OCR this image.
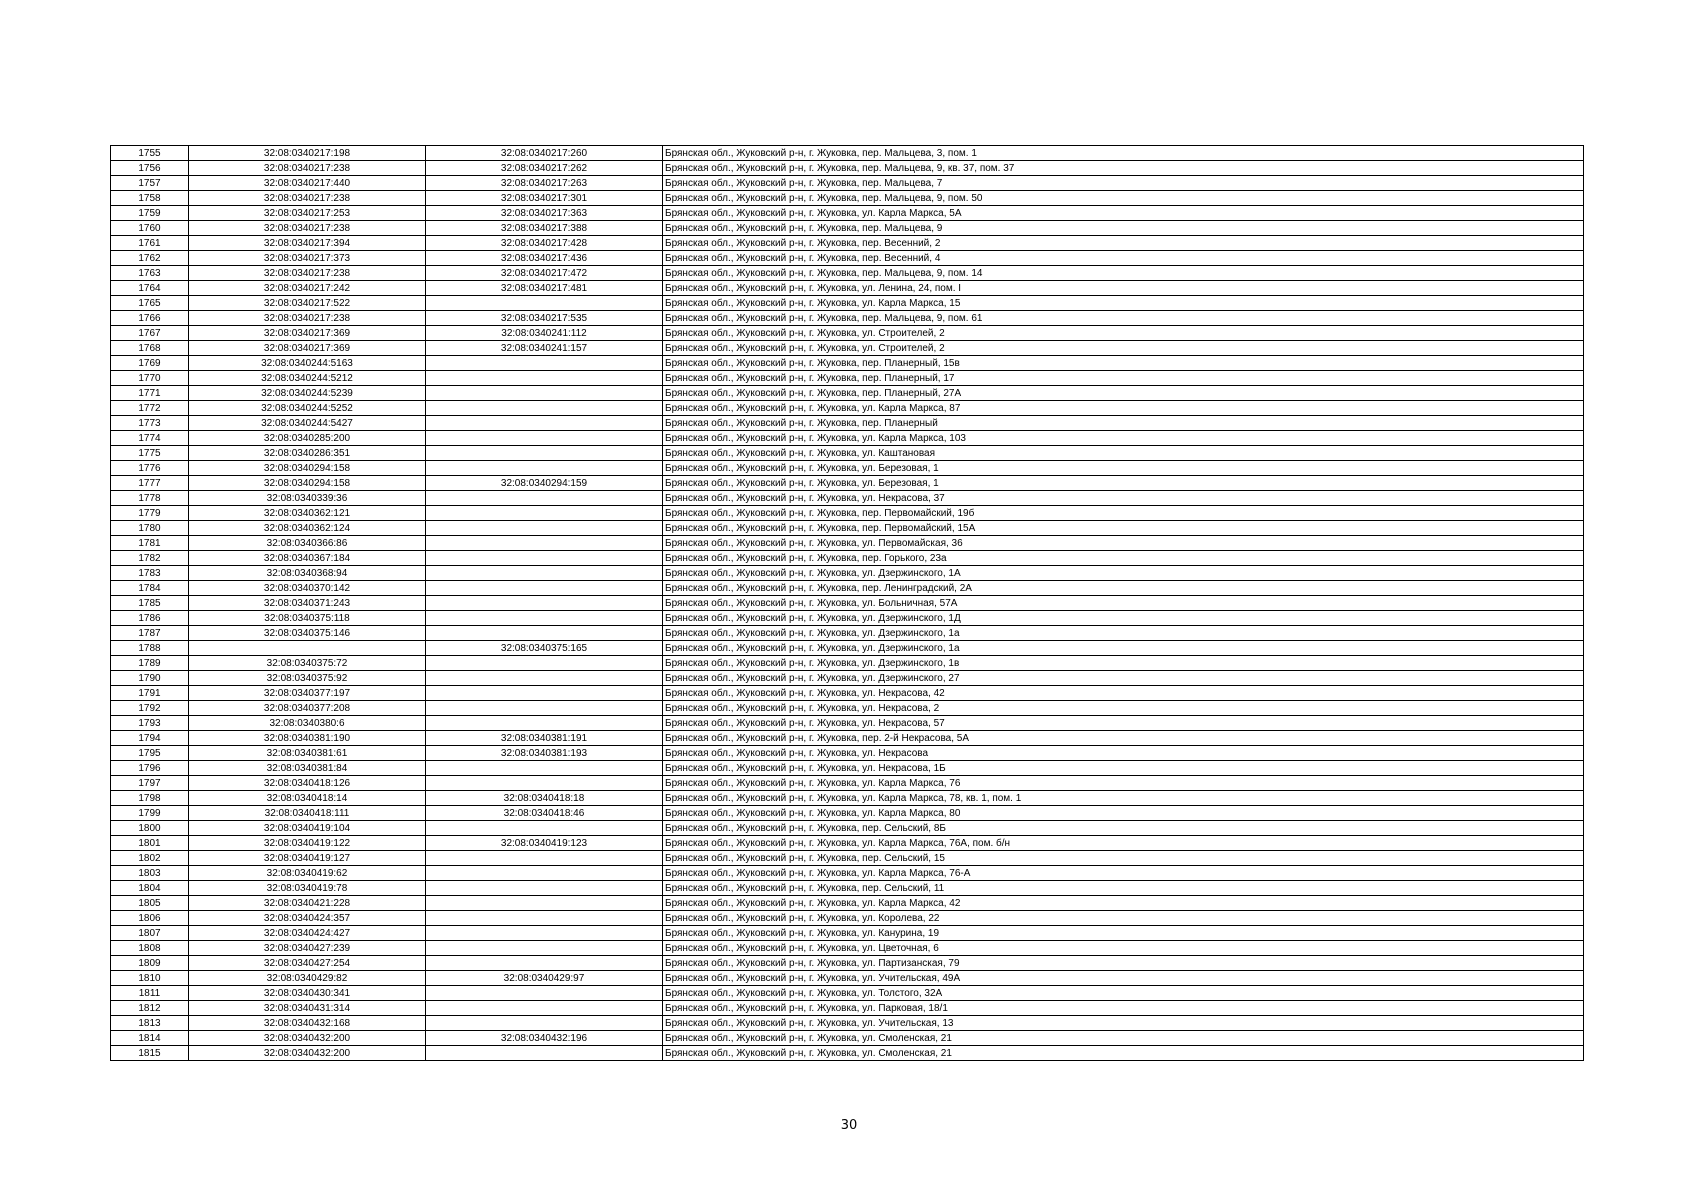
1755	32:08:0340217:198	32:08:0340217:260	Брянская обл., Жуковский р-н, г. Жуковка, пер. Мальцева, 3, пом. 1
1756	32:08:0340217:238	32:08:0340217:262	Брянская обл., Жуковский р-н, г. Жуковка, пер. Мальцева, 9, кв. 37, пом. 37
1757	32:08:0340217:440	32:08:0340217:263	Брянская обл., Жуковский р-н, г. Жуковка, пер. Мальцева, 7
1758	32:08:0340217:238	32:08:0340217:301	Брянская обл., Жуковский р-н, г. Жуковка, пер. Мальцева, 9, пом. 50
1759	32:08:0340217:253	32:08:0340217:363	Брянская обл., Жуковский р-н, г. Жуковка, ул. Карла Маркса, 5А
1760	32:08:0340217:238	32:08:0340217:388	Брянская обл., Жуковский р-н, г. Жуковка, пер. Мальцева, 9
1761	32:08:0340217:394	32:08:0340217:428	Брянская обл., Жуковский р-н, г. Жуковка, пер. Весенний, 2
1762	32:08:0340217:373	32:08:0340217:436	Брянская обл., Жуковский р-н, г. Жуковка, пер. Весенний, 4
1763	32:08:0340217:238	32:08:0340217:472	Брянская обл., Жуковский р-н, г. Жуковка, пер. Мальцева, 9, пом. 14
1764	32:08:0340217:242	32:08:0340217:481	Брянская обл., Жуковский р-н, г. Жуковка, ул. Ленина, 24, пом. I
1765	32:08:0340217:522		Брянская обл., Жуковский р-н, г. Жуковка, ул. Карла Маркса, 15
1766	32:08:0340217:238	32:08:0340217:535	Брянская обл., Жуковский р-н, г. Жуковка, пер. Мальцева, 9, пом. 61
1767	32:08:0340217:369	32:08:0340241:112	Брянская обл., Жуковский р-н, г. Жуковка, ул. Строителей, 2
1768	32:08:0340217:369	32:08:0340241:157	Брянская обл., Жуковский р-н, г. Жуковка, ул. Строителей, 2
1769	32:08:0340244:5163		Брянская обл., Жуковский р-н, г. Жуковка, пер. Планерный, 15в
1770	32:08:0340244:5212		Брянская обл., Жуковский р-н, г. Жуковка, пер. Планерный, 17
1771	32:08:0340244:5239		Брянская обл., Жуковский р-н, г. Жуковка, пер. Планерный, 27А
1772	32:08:0340244:5252		Брянская обл., Жуковский р-н, г. Жуковка, ул. Карла Маркса, 87
1773	32:08:0340244:5427		Брянская обл., Жуковский р-н, г. Жуковка, пер. Планерный
1774	32:08:0340285:200		Брянская обл., Жуковский р-н, г. Жуковка, ул. Карла Маркса, 103
1775	32:08:0340286:351		Брянская обл., Жуковский р-н, г. Жуковка, ул. Каштановая
1776	32:08:0340294:158		Брянская обл., Жуковский р-н, г. Жуковка, ул. Березовая, 1
1777	32:08:0340294:158	32:08:0340294:159	Брянская обл., Жуковский р-н, г. Жуковка, ул. Березовая, 1
1778	32:08:0340339:36		Брянская обл., Жуковский р-н, г. Жуковка, ул. Некрасова, 37
1779	32:08:0340362:121		Брянская обл., Жуковский р-н, г. Жуковка, пер. Первомайский, 19б
1780	32:08:0340362:124		Брянская обл., Жуковский р-н, г. Жуковка, пер. Первомайский, 15А
1781	32:08:0340366:86		Брянская обл., Жуковский р-н, г. Жуковка, ул. Первомайская, 36
1782	32:08:0340367:184		Брянская обл., Жуковский р-н, г. Жуковка, пер. Горького, 23а
1783	32:08:0340368:94		Брянская обл., Жуковский р-н, г. Жуковка, ул. Дзержинского, 1А
1784	32:08:0340370:142		Брянская обл., Жуковский р-н, г. Жуковка, пер. Ленинградский, 2А
1785	32:08:0340371:243		Брянская обл., Жуковский р-н, г. Жуковка, ул. Больничная, 57А
1786	32:08:0340375:118		Брянская обл., Жуковский р-н, г. Жуковка, ул. Дзержинского, 1Д
1787	32:08:0340375:146		Брянская обл., Жуковский р-н, г. Жуковка, ул. Дзержинского, 1а
1788		32:08:0340375:165	Брянская обл., Жуковский р-н, г. Жуковка, ул. Дзержинского, 1а
1789	32:08:0340375:72		Брянская обл., Жуковский р-н, г. Жуковка, ул. Дзержинского, 1в
1790	32:08:0340375:92		Брянская обл., Жуковский р-н, г. Жуковка, ул. Дзержинского, 27
1791	32:08:0340377:197		Брянская обл., Жуковский р-н, г. Жуковка, ул. Некрасова, 42
1792	32:08:0340377:208		Брянская обл., Жуковский р-н, г. Жуковка, ул. Некрасова, 2
1793	32:08:0340380:6		Брянская обл., Жуковский р-н, г. Жуковка, ул. Некрасова, 57
1794	32:08:0340381:190	32:08:0340381:191	Брянская обл., Жуковский р-н, г. Жуковка, пер. 2-й Некрасова, 5А
1795	32:08:0340381:61	32:08:0340381:193	Брянская обл., Жуковский р-н, г. Жуковка, ул. Некрасова
1796	32:08:0340381:84		Брянская обл., Жуковский р-н, г. Жуковка, ул. Некрасова, 1Б
1797	32:08:0340418:126		Брянская обл., Жуковский р-н, г. Жуковка, ул. Карла Маркса, 76
1798	32:08:0340418:14	32:08:0340418:18	Брянская обл., Жуковский р-н, г. Жуковка, ул. Карла Маркса, 78, кв. 1, пом. 1
1799	32:08:0340418:111	32:08:0340418:46	Брянская обл., Жуковский р-н, г. Жуковка, ул. Карла Маркса, 80
1800	32:08:0340419:104		Брянская обл., Жуковский р-н, г. Жуковка, пер. Сельский, 8Б
1801	32:08:0340419:122	32:08:0340419:123	Брянская обл., Жуковский р-н, г. Жуковка, ул. Карла Маркса, 76А, пом. б/н
1802	32:08:0340419:127		Брянская обл., Жуковский р-н, г. Жуковка, пер. Сельский, 15
1803	32:08:0340419:62		Брянская обл., Жуковский р-н, г. Жуковка, ул. Карла Маркса, 76-А
1804	32:08:0340419:78		Брянская обл., Жуковский р-н, г. Жуковка, пер. Сельский, 11
1805	32:08:0340421:228		Брянская обл., Жуковский р-н, г. Жуковка, ул. Карла Маркса, 42
1806	32:08:0340424:357		Брянская обл., Жуковский р-н, г. Жуковка, ул. Королева, 22
1807	32:08:0340424:427		Брянская обл., Жуковский р-н, г. Жуковка, ул. Канурина, 19
1808	32:08:0340427:239		Брянская обл., Жуковский р-н, г. Жуковка, ул. Цветочная, 6
1809	32:08:0340427:254		Брянская обл., Жуковский р-н, г. Жуковка, ул. Партизанская, 79
1810	32:08:0340429:82	32:08:0340429:97	Брянская обл., Жуковский р-н, г. Жуковка, ул. Учительская, 49А
1811	32:08:0340430:341		Брянская обл., Жуковский р-н, г. Жуковка, ул. Толстого, 32А
1812	32:08:0340431:314		Брянская обл., Жуковский р-н, г. Жуковка, ул. Парковая, 18/1
1813	32:08:0340432:168		Брянская обл., Жуковский р-н, г. Жуковка, ул. Учительская, 13
1814	32:08:0340432:200	32:08:0340432:196	Брянская обл., Жуковский р-н, г. Жуковка, ул. Смоленская, 21
1815	32:08:0340432:200		Брянская обл., Жуковский р-н, г. Жуковка, ул. Смоленская, 21
30
